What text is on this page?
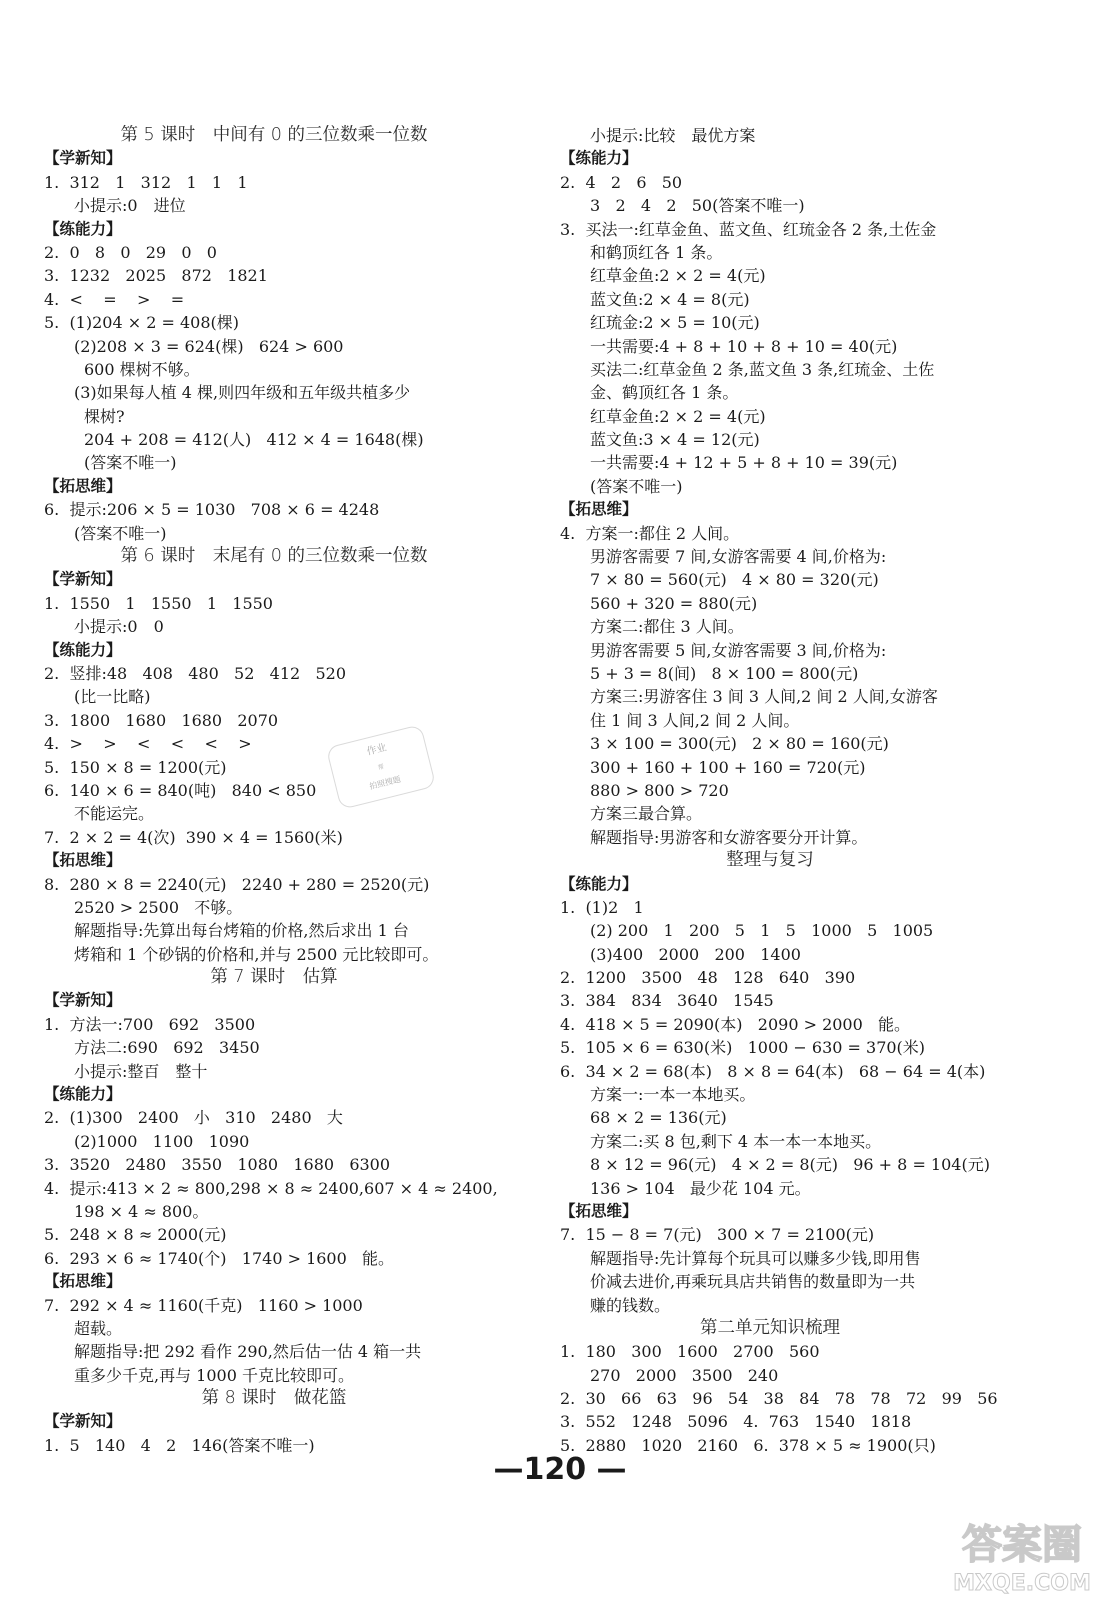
第 5 课时　中间有 0 的三位数乘一位数
【学新知】
1.  312   1   312   1   1   1
小提示:0　进位
【练能力】
2.  0   8   0   29   0   0
3.  1232   2025   872   1821
4.  <    =    >    =
5.  (1)204 × 2 = 408(棵)
(2)208 × 3 = 624(棵)   624 > 600
600 棵树不够。
(3)如果每人植 4 棵,则四年级和五年级共植多少
棵树?
204 + 208 = 412(人)   412 × 4 = 1648(棵)
(答案不唯一)
【拓思维】
6.  提示:206 × 5 = 1030   708 × 6 = 4248
(答案不唯一)
第 6 课时　末尾有 0 的三位数乘一位数
【学新知】
1.  1550   1   1550   1   1550
小提示:0　0
【练能力】
2.  竖排:48   408   480   52   412   520
(比一比略)
3.  1800   1680   1680   2070
4.  >    >    <    <    <    >
5.  150 × 8 = 1200(元)
6.  140 × 6 = 840(吨)   840 < 850
不能运完。
7.  2 × 2 = 4(次)  390 × 4 = 1560(米)
【拓思维】
8.  280 × 8 = 2240(元)   2240 + 280 = 2520(元)
2520 > 2500   不够。
解题指导:先算出每台烤箱的价格,然后求出 1 台
烤箱和 1 个砂锅的价格和,并与 2500 元比较即可。
第 7 课时　估算
【学新知】
1.  方法一:700   692   3500
方法二:690   692   3450
小提示:整百　整十
【练能力】
2.  (1)300   2400   小   310   2480   大
(2)1000   1100   1090
3.  3520   2480   3550   1080   1680   6300
4.  提示:413 × 2 ≈ 800,298 × 8 ≈ 2400,607 × 4 ≈ 2400,
198 × 4 ≈ 800。
5.  248 × 8 ≈ 2000(元)
6.  293 × 6 ≈ 1740(个)   1740 > 1600   能。
【拓思维】
7.  292 × 4 ≈ 1160(千克)   1160 > 1000
超载。
解题指导:把 292 看作 290,然后估一估 4 箱一共
重多少千克,再与 1000 千克比较即可。
第 8 课时　做花篮
【学新知】
1.  5   140   4   2   146(答案不唯一)
小提示:比较　最优方案
【练能力】
2.  4   2   6   50
3   2   4   2   50(答案不唯一)
3.  买法一:红草金鱼、蓝文鱼、红琉金各 2 条,土佐金
和鹤顶红各 1 条。
红草金鱼:2 × 2 = 4(元)
蓝文鱼:2 × 4 = 8(元)
红琉金:2 × 5 = 10(元)
一共需要:4 + 8 + 10 + 8 + 10 = 40(元)
买法二:红草金鱼 2 条,蓝文鱼 3 条,红琉金、土佐
金、鹤顶红各 1 条。
红草金鱼:2 × 2 = 4(元)
蓝文鱼:3 × 4 = 12(元)
一共需要:4 + 12 + 5 + 8 + 10 = 39(元)
(答案不唯一)
【拓思维】
4.  方案一:都住 2 人间。
男游客需要 7 间,女游客需要 4 间,价格为:
7 × 80 = 560(元)   4 × 80 = 320(元)
560 + 320 = 880(元)
方案二:都住 3 人间。
男游客需要 5 间,女游客需要 3 间,价格为:
5 + 3 = 8(间)   8 × 100 = 800(元)
方案三:男游客住 3 间 3 人间,2 间 2 人间,女游客
住 1 间 3 人间,2 间 2 人间。
3 × 100 = 300(元)   2 × 80 = 160(元)
300 + 160 + 100 + 160 = 720(元)
880 > 800 > 720
方案三最合算。
解题指导:男游客和女游客要分开计算。
整理与复习
【练能力】
1.  (1)2   1
(2) 200   1   200   5   1   5   1000   5   1005
(3)400   2000   200   1400
2.  1200   3500   48   128   640   390
3.  384   834   3640   1545
4.  418 × 5 = 2090(本)   2090 > 2000   能。
5.  105 × 6 = 630(米)   1000 − 630 = 370(米)
6.  34 × 2 = 68(本)   8 × 8 = 64(本)   68 − 64 = 4(本)
方案一:一本一本地买。
68 × 2 = 136(元)
方案二:买 8 包,剩下 4 本一本一本地买。
8 × 12 = 96(元)   4 × 2 = 8(元)   96 + 8 = 104(元)
136 > 104   最少花 104 元。
【拓思维】
7.  15 − 8 = 7(元)   300 × 7 = 2100(元)
解题指导:先计算每个玩具可以赚多少钱,即用售
价减去进价,再乘玩具店共销售的数量即为一共
赚的钱数。
第二单元知识梳理
1.  180   300   1600   2700   560
270   2000   3500   240
2.  30   66   63   96   54   38   84   78   78   72   99   56
3.  552   1248   5096   4.  763   1540   1818
5.  2880   1020   2160   6.  378 × 5 ≈ 1900(只)
作业
帮
拍照搜题
—120 —
答案圈
MXQE.COM
